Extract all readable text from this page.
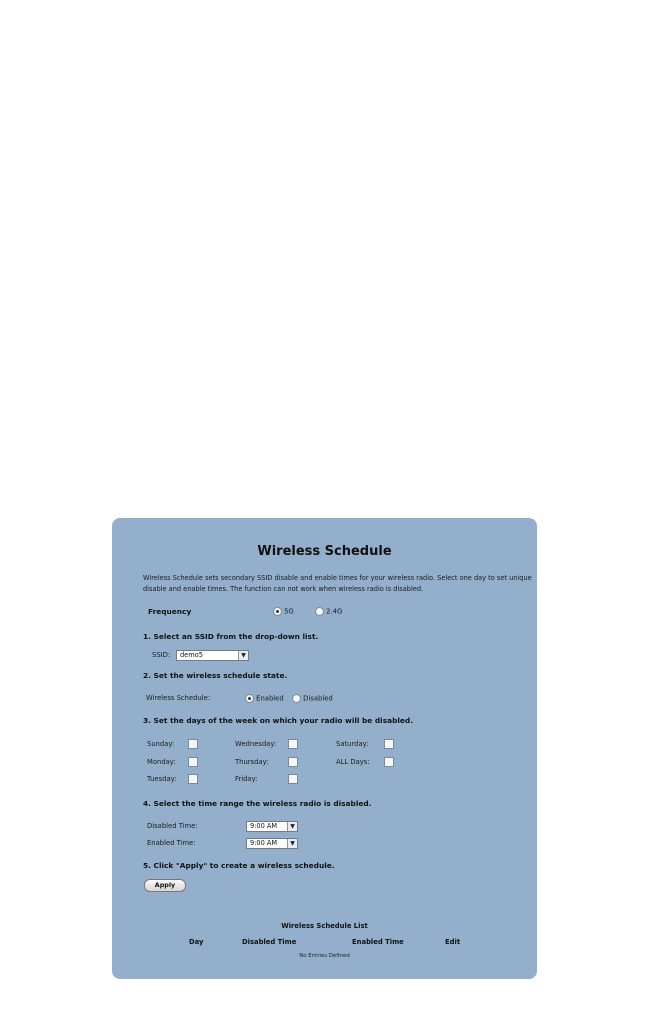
Wireless Schedule
Wireless Schedule sets secondary SSID disable and enable times for your wireless radio. Select one day to set unique disable and enable times. The function can not work when wireless radio is disabled.
Frequency	5G	2.4G
1. Select an SSID from the drop-down list.
SSID:	demo5	▼
2. Set the wireless schedule state.
Wireless Schedule:	Enabled	Disabled
3. Set the days of the week on which your radio will be disabled.
Sunday:	Wednesday:	Saturday:
Monday:	Thursday:	ALL Days:
Tuesday:	Friday:
4. Select the time range the wireless radio is disabled.
Disabled Time:	9:00 AM	▼
Enabled Time:	9:00 AM	▼
5. Click "Apply" to create a wireless schedule.
Apply
Wireless Schedule List
Day	Disabled Time	Enabled Time	Edit
No Entries Defined
